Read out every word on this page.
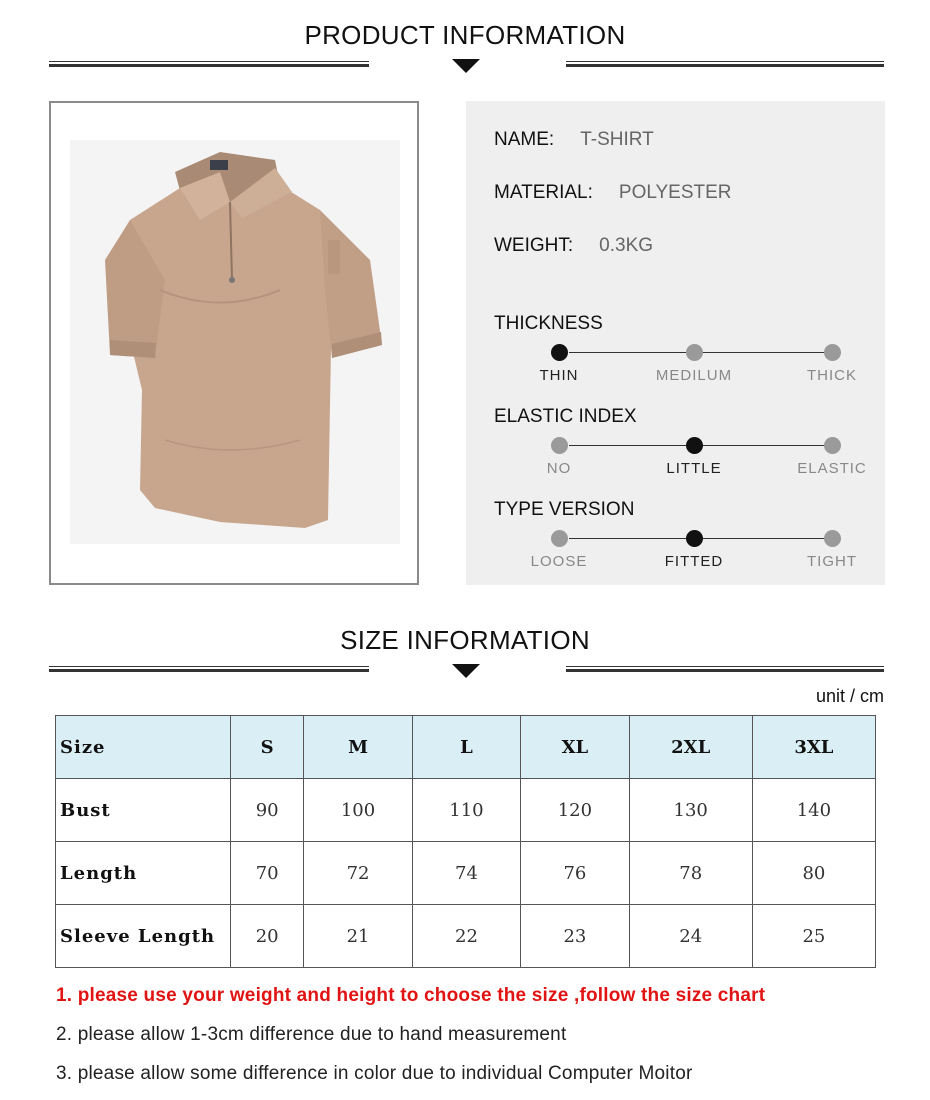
PRODUCT INFORMATION
NAME: T-SHIRT
MATERIAL: POLYESTER
WEIGHT: 0.3KG
THICKNESS
THIN	MEDILUM	THICK
ELASTIC INDEX
NO	LITTLE	ELASTIC
TYPE VERSION
LOOSE	FITTED	TIGHT
SIZE INFORMATION
unit / cm
Size	S	M	L	XL	2XL	3XL
Bust	90	100	110	120	130	140
Length	70	72	74	76	78	80
Sleeve Length	20	21	22	23	24	25
1. please use your weight and height to choose the size ,follow the size chart
2. please allow 1-3cm difference due to hand measurement
3. please allow some difference in color due to individual Computer Moitor
